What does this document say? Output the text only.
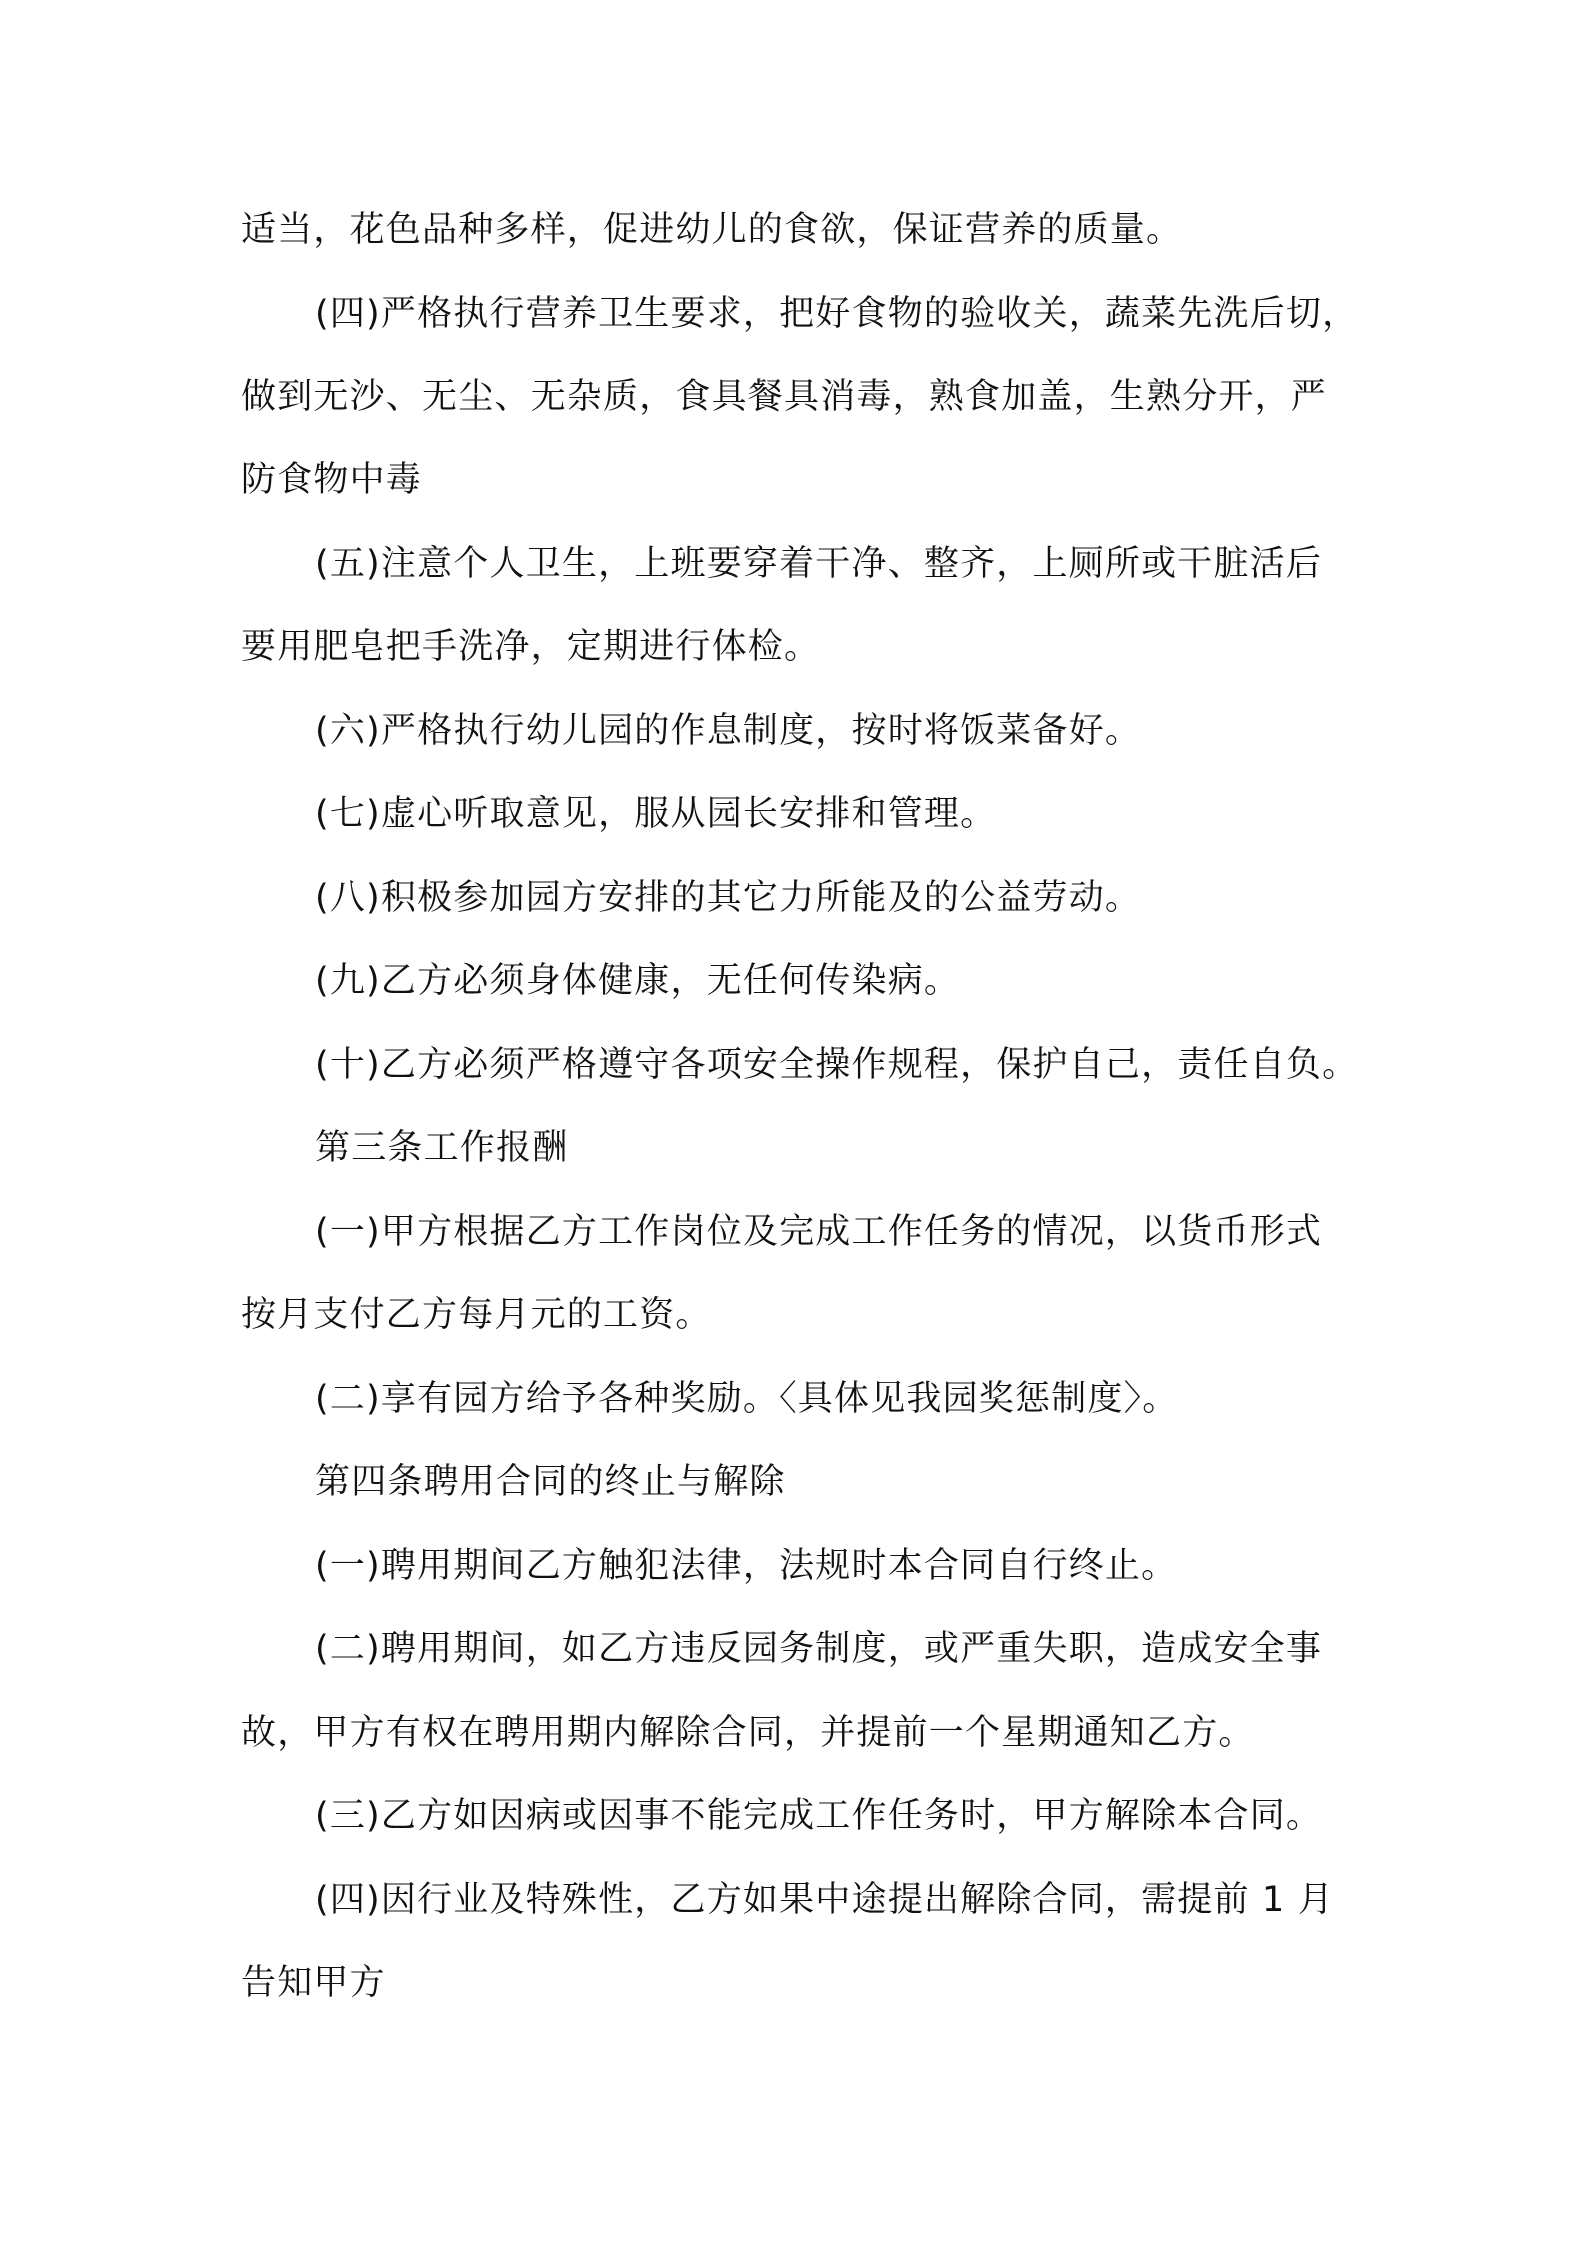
适当，花色品种多样，促进幼儿的食欲，保证营养的质量。

(四)严格执行营养卫生要求，把好食物的验收关，蔬菜先洗后切，

做到无沙、无尘、无杂质，食具餐具消毒，熟食加盖，生熟分开，严

防食物中毒

(五)注意个人卫生，上班要穿着干净、整齐，上厕所或干脏活后

要用肥皂把手洗净，定期进行体检。

(六)严格执行幼儿园的作息制度，按时将饭菜备好。

(七)虚心听取意见，服从园长安排和管理。

(八)积极参加园方安排的其它力所能及的公益劳动。

(九)乙方必须身体健康，无任何传染病。

(十)乙方必须严格遵守各项安全操作规程，保护自己，责任自负。

第三条工作报酬

(一)甲方根据乙方工作岗位及完成工作任务的情况，以货币形式

按月支付乙方每月元的工资。

(二)享有园方给予各种奖励。〈具体见我园奖惩制度〉。

第四条聘用合同的终止与解除

(一)聘用期间乙方触犯法律，法规时本合同自行终止。

(二)聘用期间，如乙方违反园务制度，或严重失职，造成安全事

故，甲方有权在聘用期内解除合同，并提前一个星期通知乙方。

(三)乙方如因病或因事不能完成工作任务时，甲方解除本合同。

(四)因行业及特殊性，乙方如果中途提出解除合同，需提前 1 月

告知甲方
